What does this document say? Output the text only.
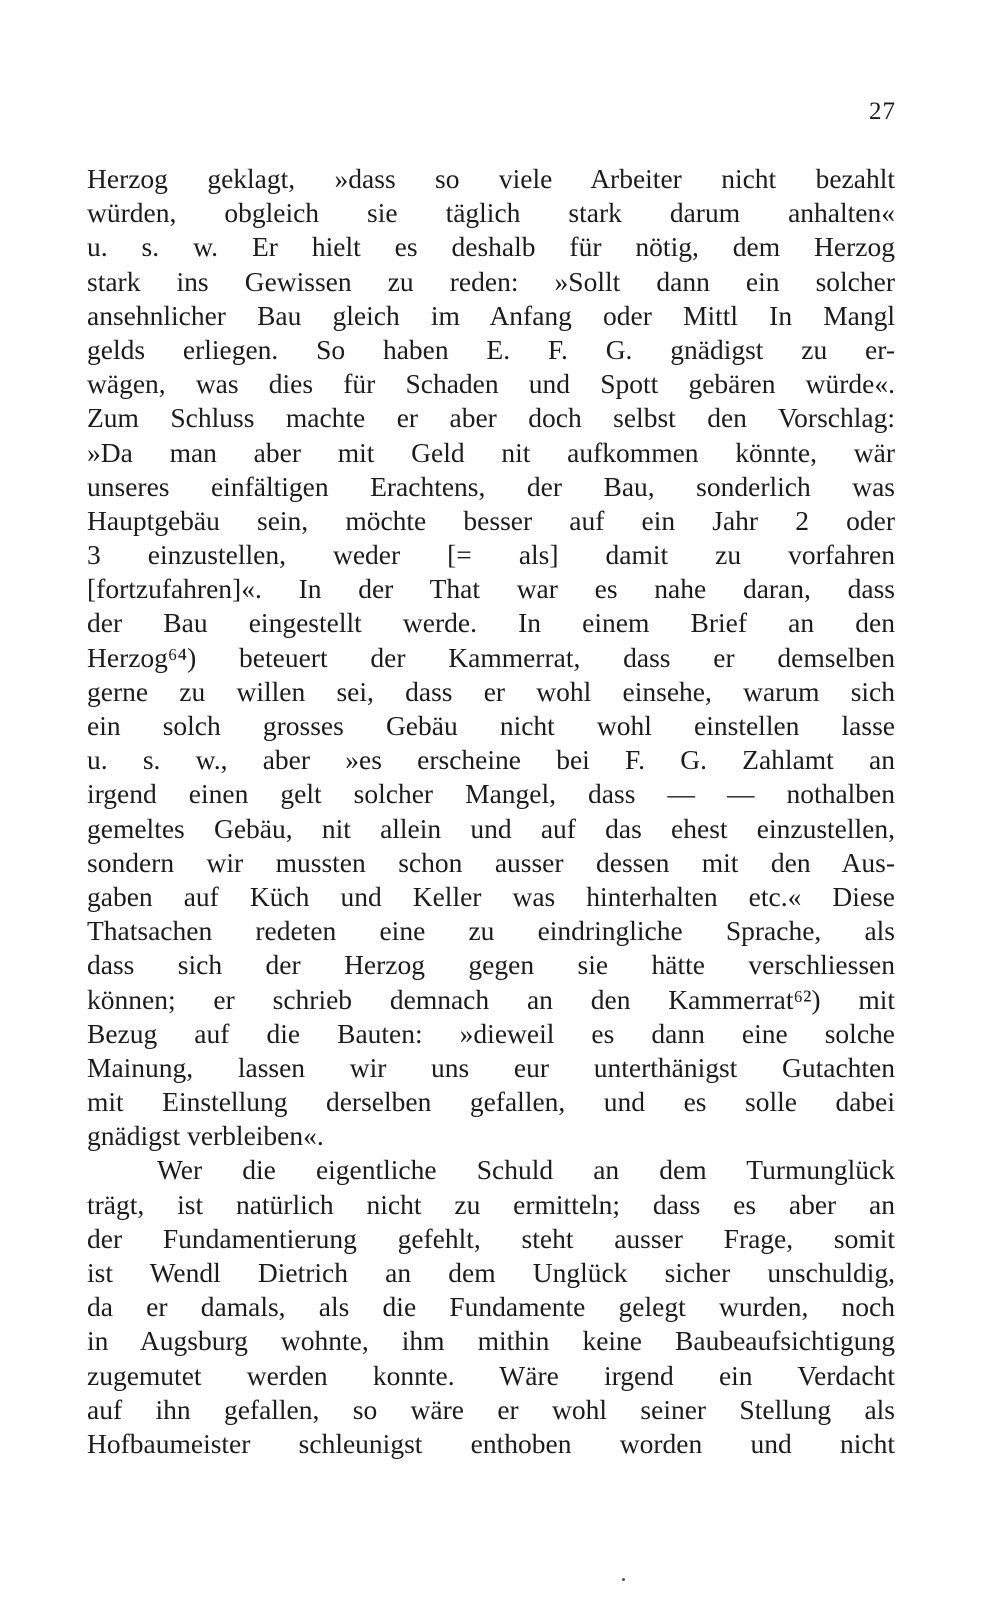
27
Herzog geklagt, »dass so viele Arbeiter nicht bezahlt
würden, obgleich sie täglich stark darum anhalten«
u. s. w. Er hielt es deshalb für nötig, dem Herzog
stark ins Gewissen zu reden: »Sollt dann ein solcher
ansehnlicher Bau gleich im Anfang oder Mittl In Mangl
gelds erliegen. So haben E. F. G. gnädigst zu er-
wägen, was dies für Schaden und Spott gebären würde«.
Zum Schluss machte er aber doch selbst den Vorschlag:
»Da man aber mit Geld nit aufkommen könnte, wär
unseres einfältigen Erachtens, der Bau, sonderlich was
Hauptgebäu sein, möchte besser auf ein Jahr 2 oder
3 einzustellen, weder [= als] damit zu vorfahren
[fortzufahren]«. In der That war es nahe daran, dass
der Bau eingestellt werde. In einem Brief an den
Herzog⁶⁴) beteuert der Kammerrat, dass er demselben
gerne zu willen sei, dass er wohl einsehe, warum sich
ein solch grosses Gebäu nicht wohl einstellen lasse
u. s. w., aber »es erscheine bei F. G. Zahlamt an
irgend einen gelt solcher Mangel, dass — — nothalben
gemeltes Gebäu, nit allein und auf das ehest einzustellen,
sondern wir mussten schon ausser dessen mit den Aus-
gaben auf Küch und Keller was hinterhalten etc.« Diese
Thatsachen redeten eine zu eindringliche Sprache, als
dass sich der Herzog gegen sie hätte verschliessen
können; er schrieb demnach an den Kammerrat⁶²) mit
Bezug auf die Bauten: »dieweil es dann eine solche
Mainung, lassen wir uns eur unterthänigst Gutachten
mit Einstellung derselben gefallen, und es solle dabei
gnädigst verbleiben«.
Wer die eigentliche Schuld an dem Turmunglück
trägt, ist natürlich nicht zu ermitteln; dass es aber an
der Fundamentierung gefehlt, steht ausser Frage, somit
ist Wendl Dietrich an dem Unglück sicher unschuldig,
da er damals, als die Fundamente gelegt wurden, noch
in Augsburg wohnte, ihm mithin keine Baubeaufsichtigung
zugemutet werden konnte. Wäre irgend ein Verdacht
auf ihn gefallen, so wäre er wohl seiner Stellung als
Hofbaumeister schleunigst enthoben worden und nicht
